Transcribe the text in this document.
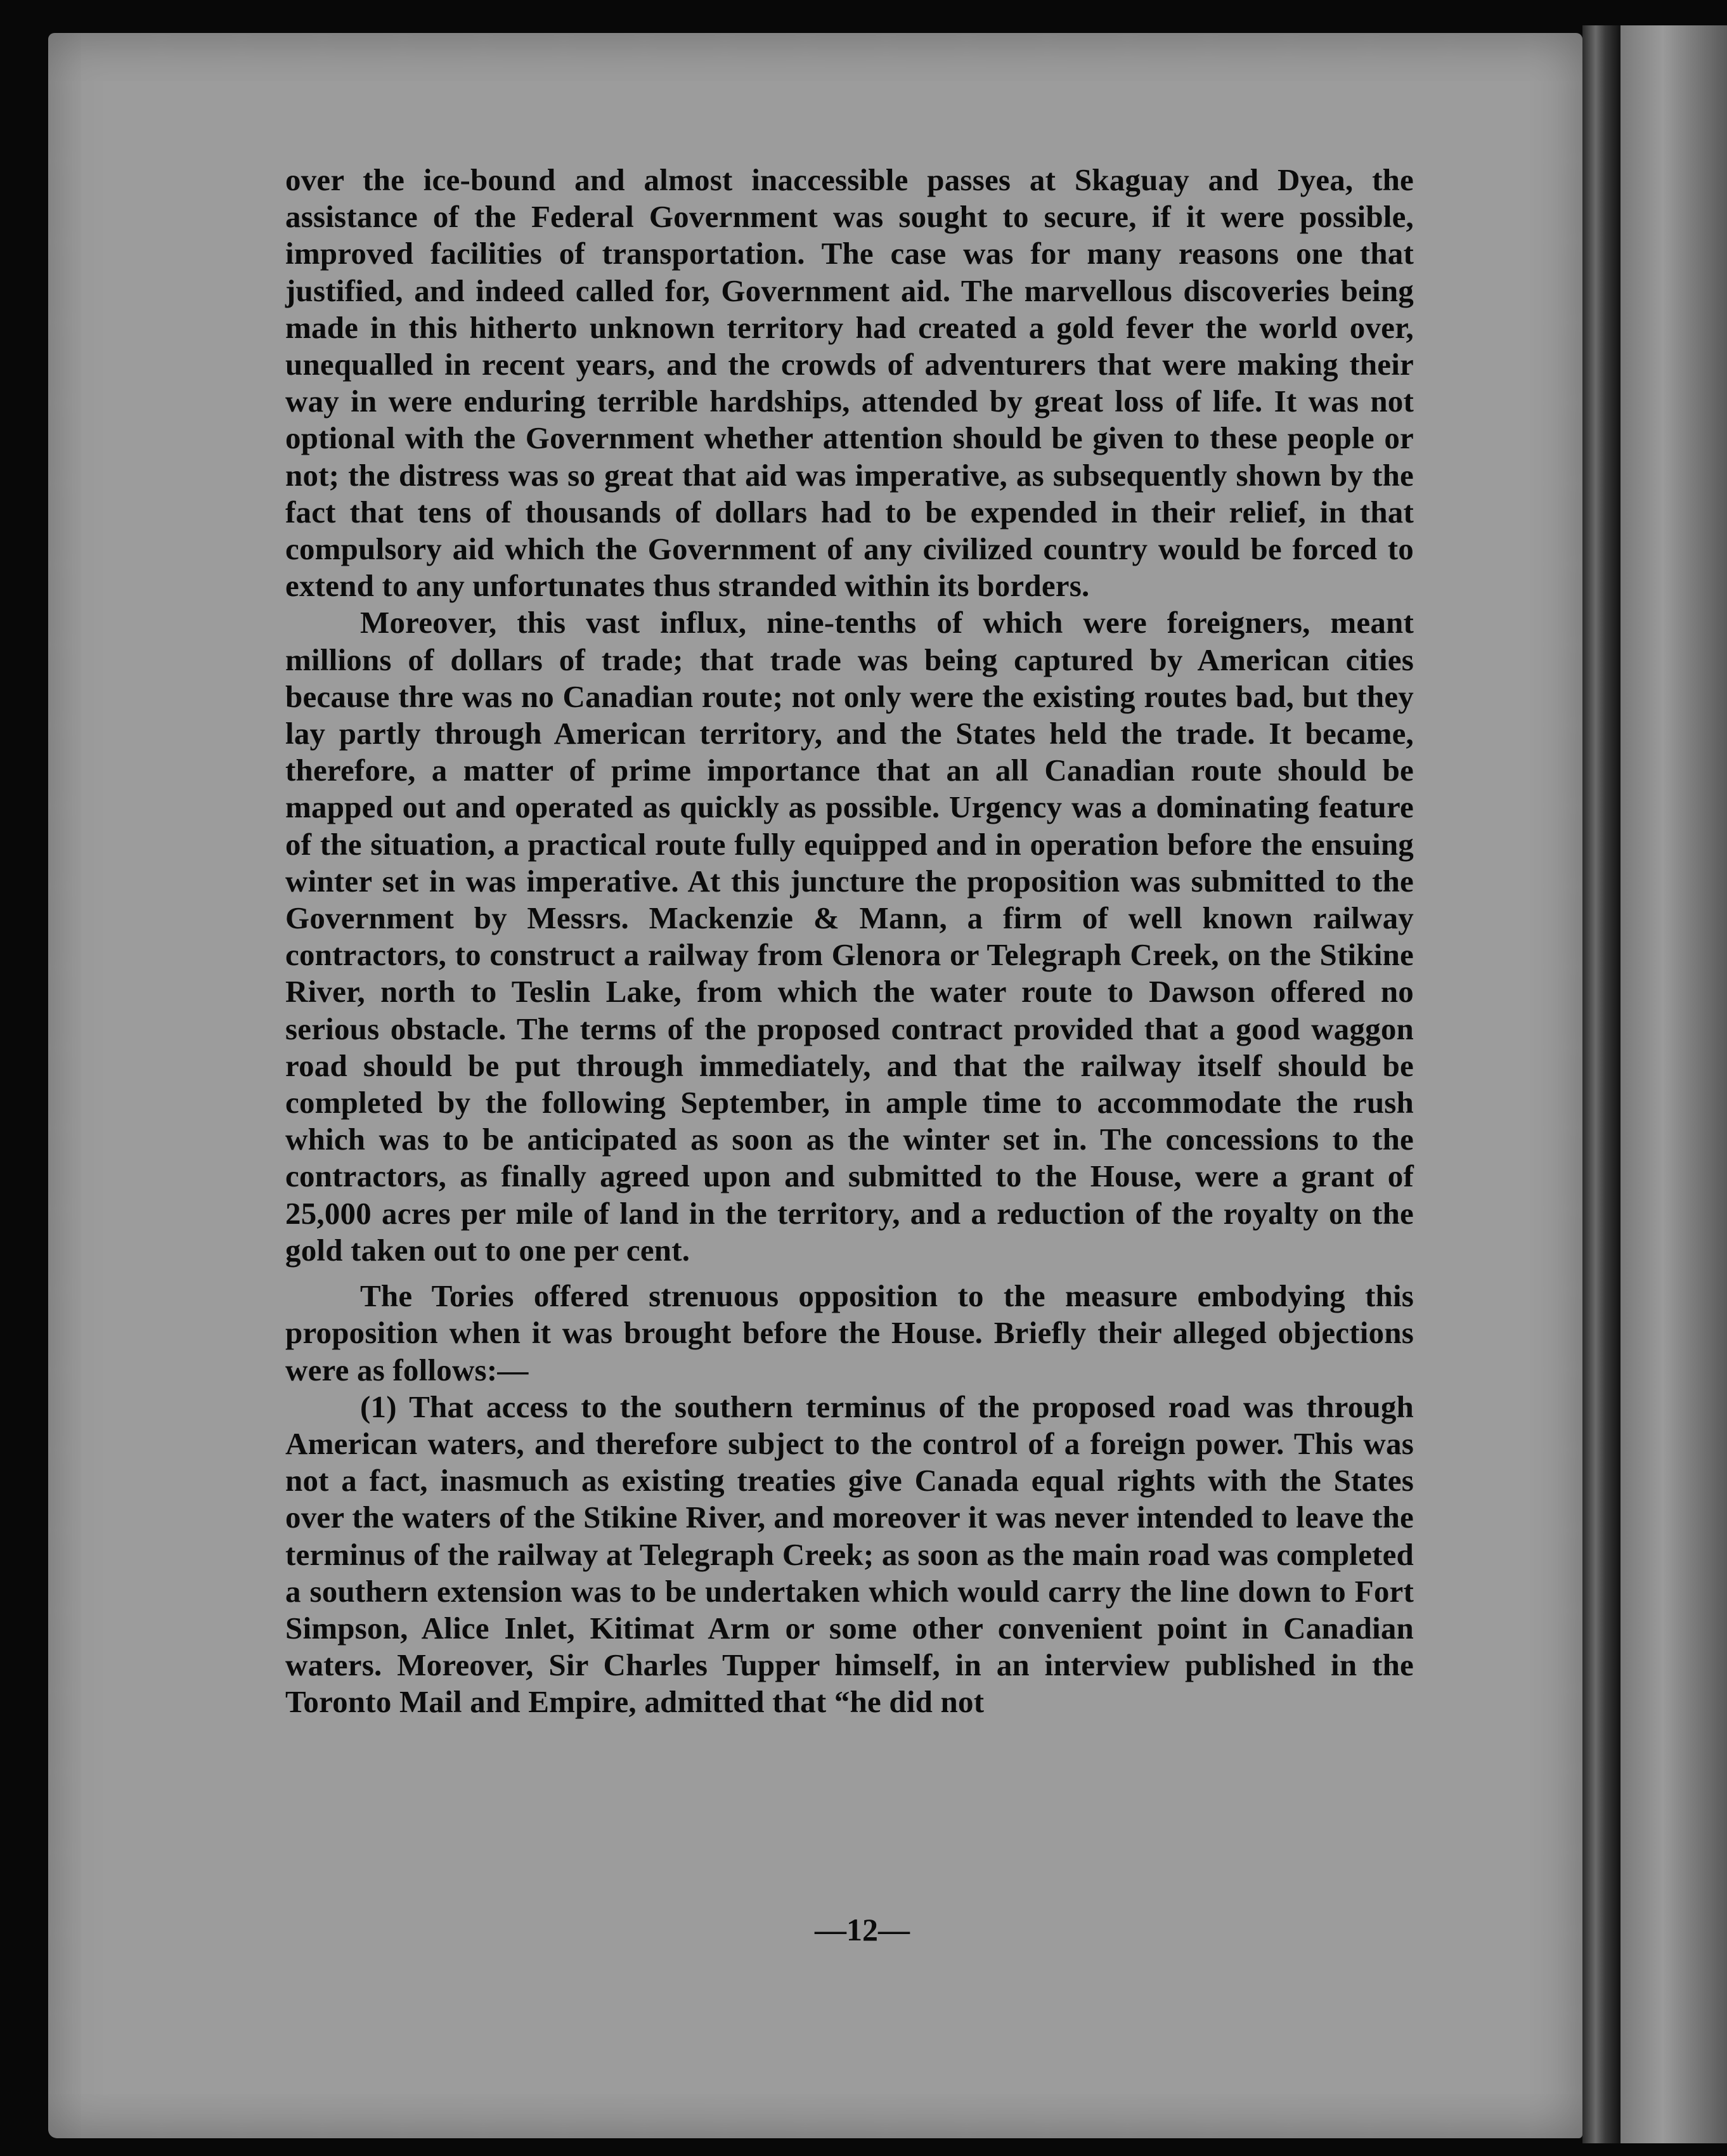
over the ice-bound and almost inaccessible passes at Skaguay and Dyea, the assistance of the Federal Government was sought to secure, if it were possible, improved facilities of transportation. The case was for many reasons one that justified, and indeed called for, Government aid. The marvellous discoveries being made in this hitherto unknown territory had created a gold fever the world over, unequalled in recent years, and the crowds of adventurers that were making their way in were enduring terrible hardships, attended by great loss of life. It was not optional with the Government whether attention should be given to these people or not; the distress was so great that aid was imperative, as subsequently shown by the fact that tens of thousands of dollars had to be expended in their relief, in that compulsory aid which the Government of any civilized country would be forced to extend to any unfortunates thus stranded within its borders.

Moreover, this vast influx, nine-tenths of which were foreigners, meant millions of dollars of trade; that trade was being captured by American cities because thre was no Canadian route; not only were the existing routes bad, but they lay partly through American territory, and the States held the trade. It became, therefore, a matter of prime importance that an all Canadian route should be mapped out and operated as quickly as possible. Urgency was a dominating feature of the situation, a practical route fully equipped and in operation before the ensuing winter set in was imperative. At this juncture the proposition was submitted to the Government by Messrs. Mackenzie & Mann, a firm of well known railway contractors, to construct a railway from Glenora or Telegraph Creek, on the Stikine River, north to Teslin Lake, from which the water route to Dawson offered no serious obstacle. The terms of the proposed contract provided that a good waggon road should be put through immediately, and that the railway itself should be completed by the following September, in ample time to accommodate the rush which was to be anticipated as soon as the winter set in. The concessions to the contractors, as finally agreed upon and submitted to the House, were a grant of 25,000 acres per mile of land in the territory, and a reduction of the royalty on the gold taken out to one per cent.

The Tories offered strenuous opposition to the measure embodying this proposition when it was brought before the House. Briefly their alleged objections were as follows:—

(1) That access to the southern terminus of the proposed road was through American waters, and therefore subject to the control of a foreign power. This was not a fact, inasmuch as existing treaties give Canada equal rights with the States over the waters of the Stikine River, and moreover it was never intended to leave the terminus of the railway at Telegraph Creek; as soon as the main road was completed a southern extension was to be undertaken which would carry the line down to Fort Simpson, Alice Inlet, Kitimat Arm or some other convenient point in Canadian waters. Moreover, Sir Charles Tupper himself, in an interview published in the Toronto Mail and Empire, admitted that “he did not

—12—
